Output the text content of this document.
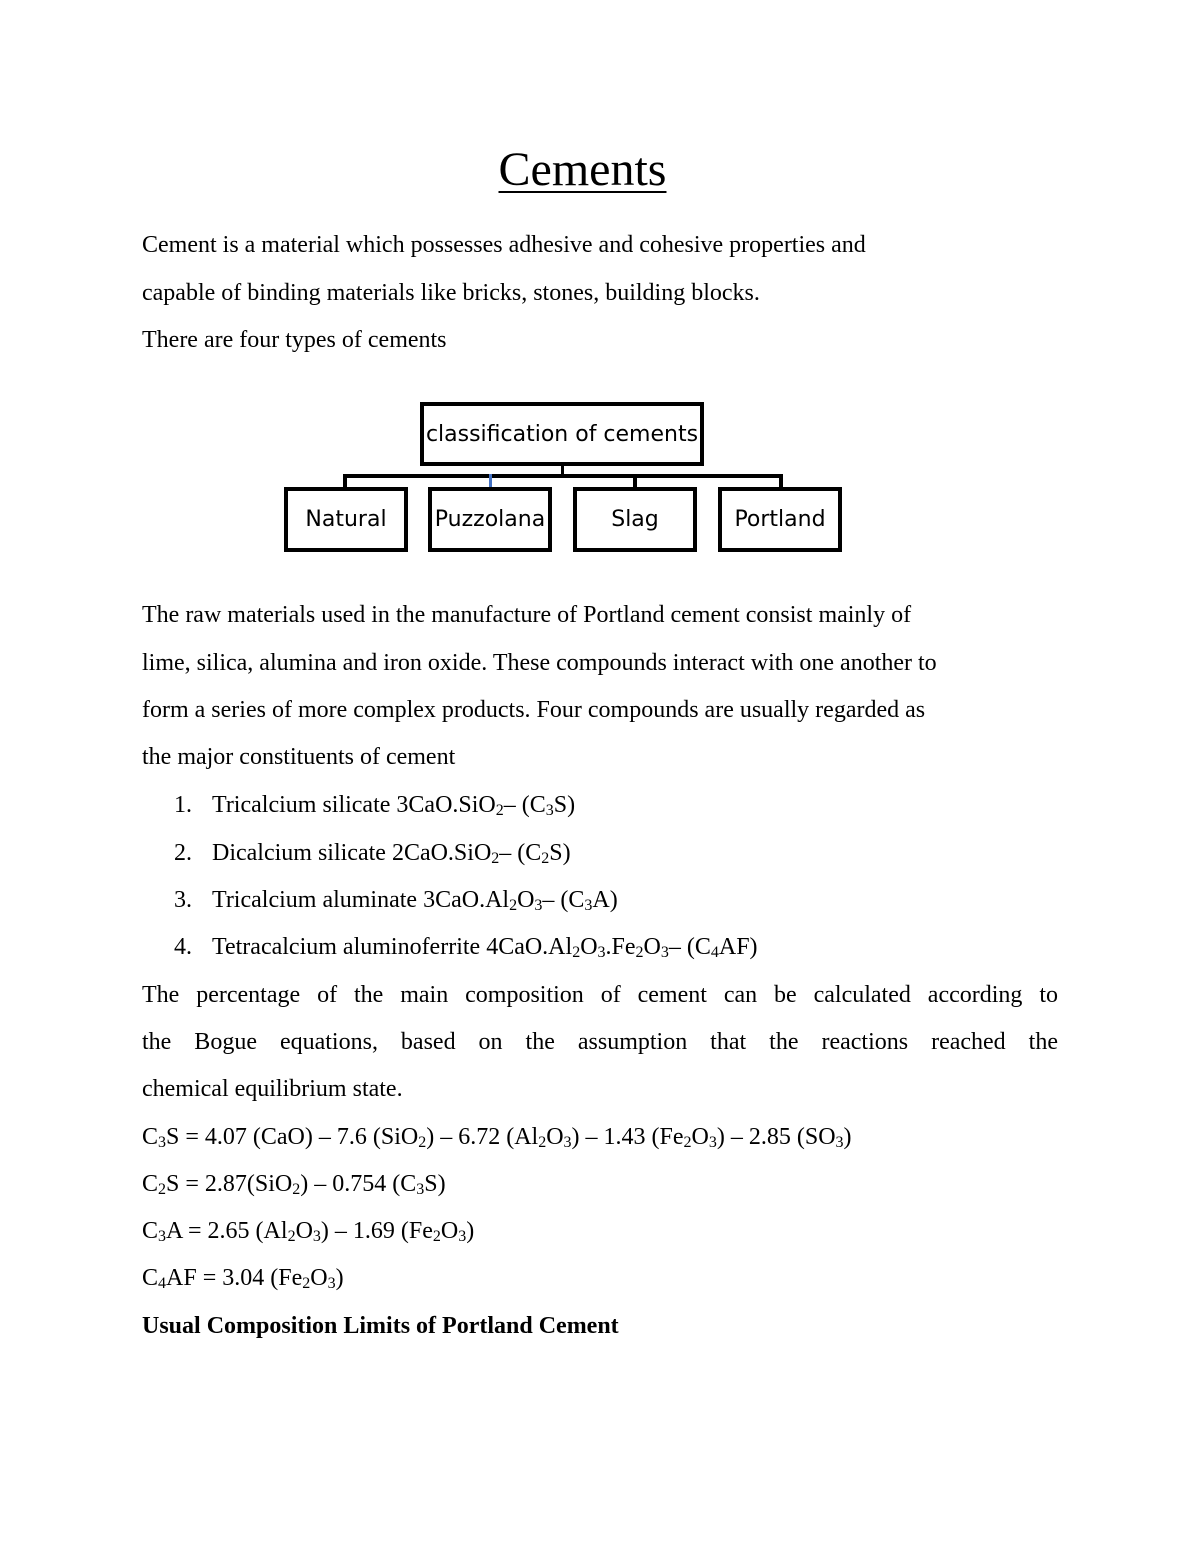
Cements
Cement is a material which possesses adhesive and cohesive properties and
capable of binding materials like bricks, stones, building blocks.
There are four types of cements
classification of cements
Natural	Puzzolana	Slag	Portland
The raw materials used in the manufacture of Portland cement consist mainly of
lime, silica, alumina and iron oxide. These compounds interact with one another to
form a series of more complex products. Four compounds are usually regarded as
the major constituents of cement
1. Tricalcium silicate 3CaO.SiO$_2$– $(C_3S)$
2. Dicalcium silicate 2CaO.SiO$_2$– $(C_2S)$
3. Tricalcium aluminate $3CaO.Al_2O_3-$ $(C_3A)$
4. Tetracalcium aluminoferrite $4CaO.Al_2O_3.Fe_2O_3-$ $(C_4AF)$
The percentage of the main composition of cement can be calculated according to
the Bogue equations, based on the assumption that the reactions reached the
chemical equilibrium state.
$C_3S = 4.07$ (CaO) – 7.6 (SiO$_2$) – 6.72 $(Al_2O_3) - 1.43$ $(Fe_2O_3) - 2.85$ $(SO_3)$
$C_2S = 2.87(SiO_2) - 0.754$ $(C_3S)$
$C_3A = 2.65$ $(Al_2O_3) - 1.69$ $(Fe_2O_3)$
$C_4AF = 3.04$ $(Fe_2O_3)$
Usual Composition Limits of Portland Cement
